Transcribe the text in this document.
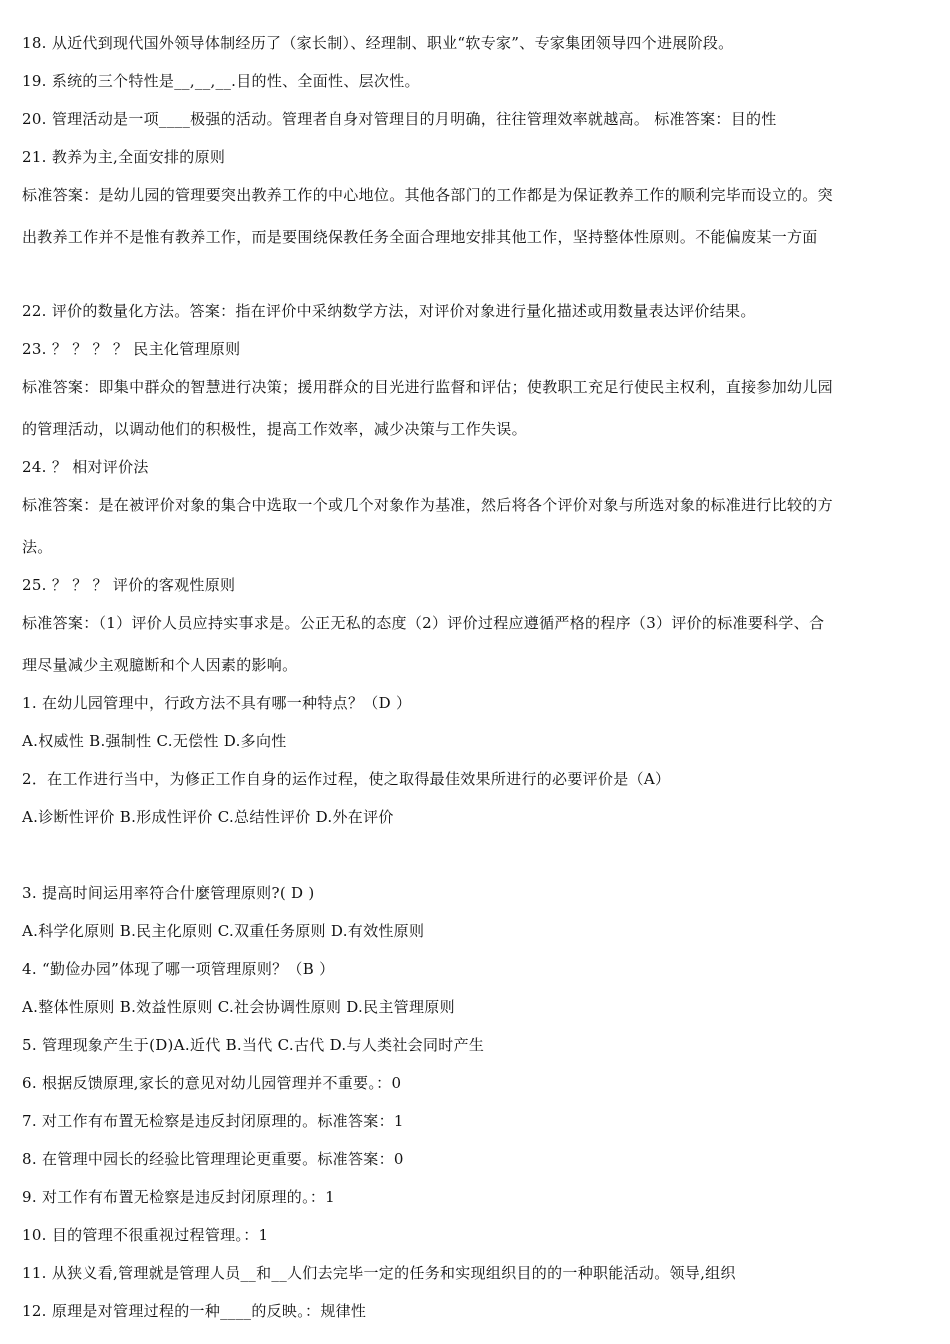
18. 从近代到现代国外领导体制经历了（家长制）、经理制、职业“软专家”、专家集团领导四个进展阶段。
19. 系统的三个特性是__,__,__.目的性、全面性、层次性。
20. 管理活动是一项____极强的活动。管理者自身对管理目的月明确，往往管理效率就越高。 标准答案：目的性
21. 教养为主,全面安排的原则
标准答案：是幼儿园的管理要突出教养工作的中心地位。其他各部门的工作都是为保证教养工作的顺利完毕而设立的。突
出教养工作并不是惟有教养工作，而是要围绕保教任务全面合理地安排其他工作，坚持整体性原则。不能偏废某一方面
22. 评价的数量化方法。答案：指在评价中采纳数学方法，对评价对象进行量化描述或用数量表达评价结果。
23. ？ ？ ？ ？ 民主化管理原则
标准答案：即集中群众的智慧进行决策；援用群众的目光进行监督和评估；使教职工充足行使民主权利，直接参加幼儿园
的管理活动，以调动他们的积极性，提高工作效率，减少决策与工作失误。
24. ？ 相对评价法
标准答案：是在被评价对象的集合中选取一个或几个对象作为基准，然后将各个评价对象与所选对象的标准进行比较的方
法。
25. ？ ？ ？ 评价的客观性原则
标准答案：（1）评价人员应持实事求是。公正无私的态度（2）评价过程应遵循严格的程序（3）评价的标准要科学、合
理尽量减少主观臆断和个人因素的影响。
1. 在幼儿园管理中，行政方法不具有哪一种特点？（D ）
A.权威性 B.强制性 C.无偿性 D.多向性
2．在工作进行当中，为修正工作自身的运作过程，使之取得最佳效果所进行的必要评价是（A）
A.诊断性评价 B.形成性评价 C.总结性评价 D.外在评价
3. 提高时间运用率符合什麼管理原则?( D )
A.科学化原则 B.民主化原则 C.双重任务原则 D.有效性原则
4. “勤俭办园”体现了哪一项管理原则？（B ）
A.整体性原则 B.效益性原则 C.社会协调性原则 D.民主管理原则
5. 管理现象产生于(D)A.近代 B.当代 C.古代 D.与人类社会同时产生
6. 根据反馈原理,家长的意见对幼儿园管理并不重要。：0
7. 对工作有布置无检察是违反封闭原理的。标准答案：1
8. 在管理中园长的经验比管理理论更重要。标准答案：0
9. 对工作有布置无检察是违反封闭原理的。：1
10. 目的管理不很重视过程管理。：1
11. 从狭义看,管理就是管理人员__和__人们去完毕一定的任务和实现组织目的的一种职能活动。领导,组织
12. 原理是对管理过程的一种____的反映。：规律性
